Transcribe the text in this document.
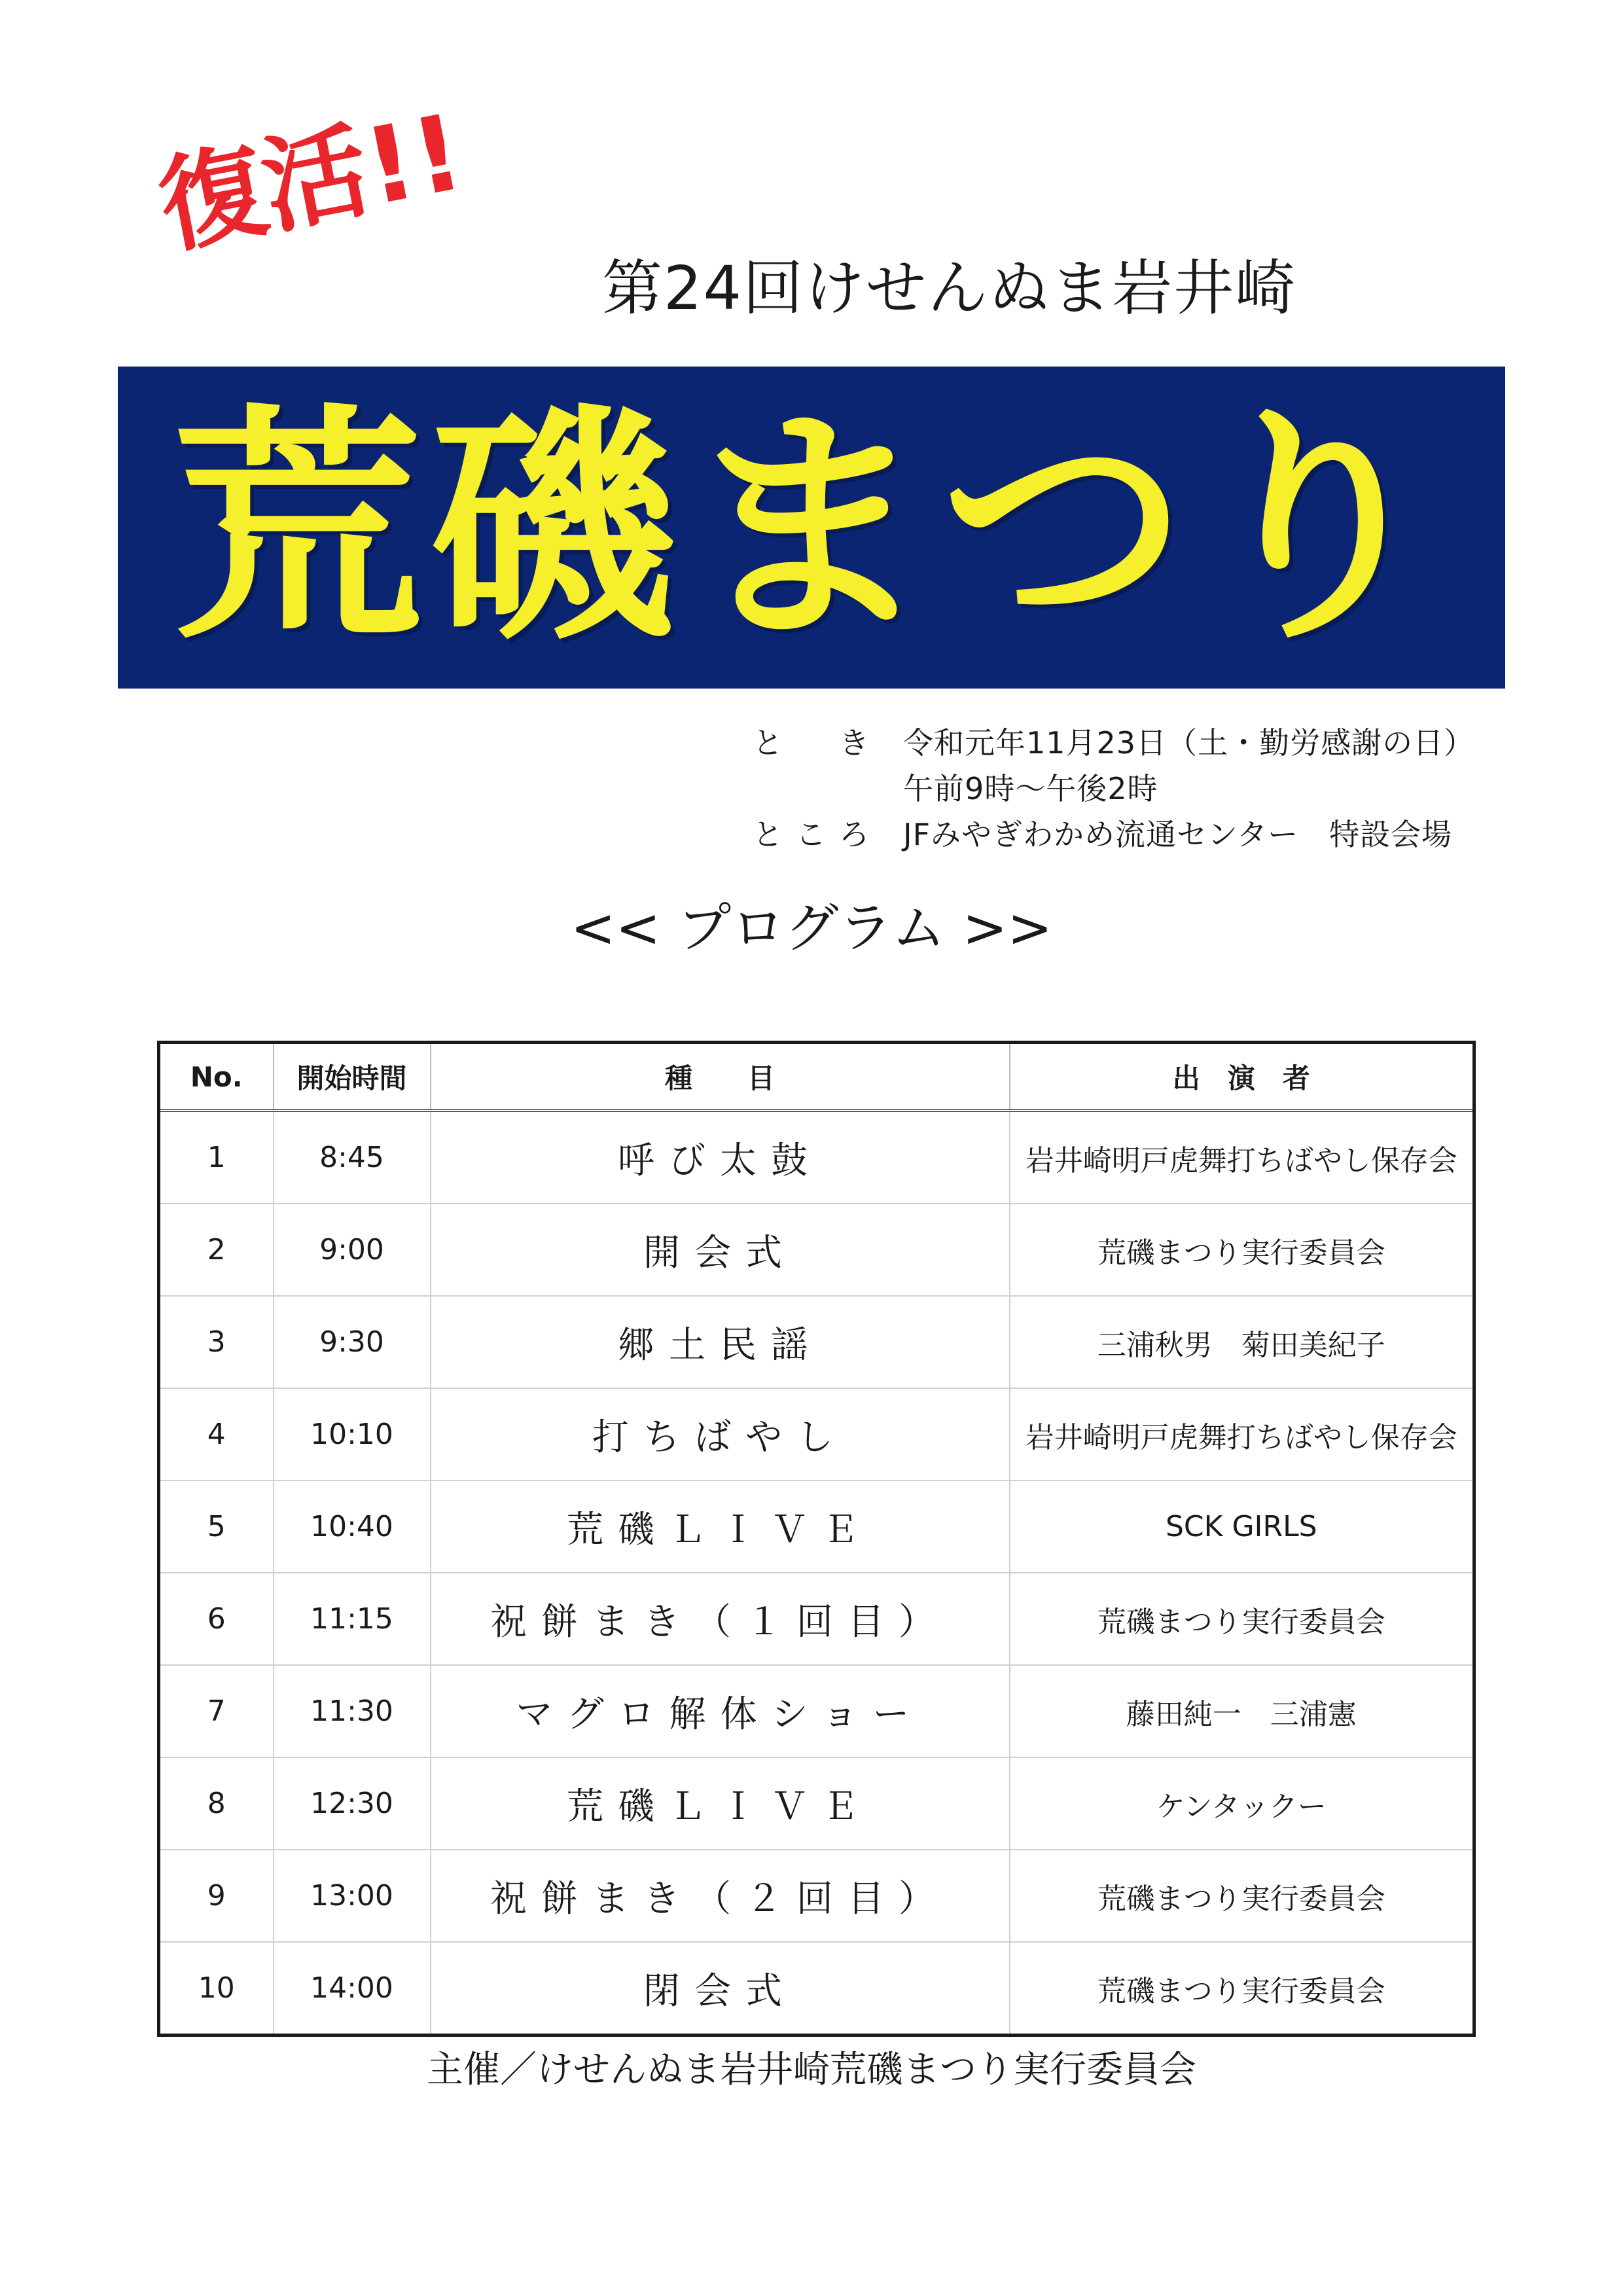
復活!!
第24回けせんぬま岩井崎
荒磯まつり
と　き 令和元年11月23日（土・勤労感謝の日）
午前9時〜午後2時
ところ JFみやぎわかめ流通センター　特設会場
<< プログラム >>
No.	開始時間	種　　目	出　演　者
1	8:45	呼び太鼓	岩井崎明戸虎舞打ちばやし保存会
2	9:00	開会式	荒磯まつり実行委員会
3	9:30	郷土民謡	三浦秋男　菊田美紀子
4	10:10	打ちばやし	岩井崎明戸虎舞打ちばやし保存会
5	10:40	荒磯ＬＩＶＥ	SCK GIRLS
6	11:15	祝餅まき（１回目）	荒磯まつり実行委員会
7	11:30	マグロ解体ショー	藤田純一　三浦憲
8	12:30	荒磯ＬＩＶＥ	ケンタックー
9	13:00	祝餅まき（２回目）	荒磯まつり実行委員会
10	14:00	閉会式	荒磯まつり実行委員会
主催／けせんぬま岩井崎荒磯まつり実行委員会
